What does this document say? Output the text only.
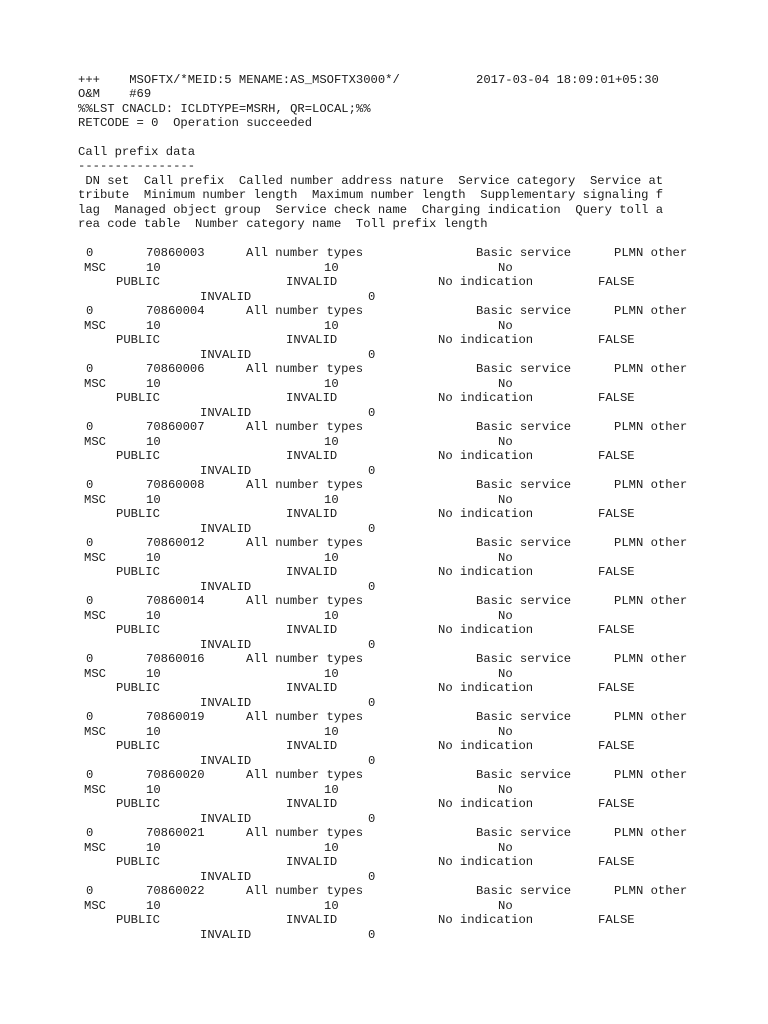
+++    MSOFTX/*MEID:5 MENAME:AS_MSOFTX3000*/	2017-03-04 18:09:01+05:30
O&M    #69
%%LST CNACLD: ICLDTYPE=MSRH, QR=LOCAL;%%
RETCODE = 0  Operation succeeded
Call prefix data
----------------
DN set  Call prefix  Called number address nature  Service category  Service at
tribute  Minimum number length  Maximum number length  Supplementary signaling f
lag  Managed object group  Service check name  Charging indication  Query toll a
rea code table  Number category name  Toll prefix length
0	70860003	All number types	Basic service	PLMN other
MSC	10	10	No
PUBLIC	INVALID	No indication	FALSE
INVALID	0
0	70860004	All number types	Basic service	PLMN other
MSC	10	10	No
PUBLIC	INVALID	No indication	FALSE
INVALID	0
0	70860006	All number types	Basic service	PLMN other
MSC	10	10	No
PUBLIC	INVALID	No indication	FALSE
INVALID	0
0	70860007	All number types	Basic service	PLMN other
MSC	10	10	No
PUBLIC	INVALID	No indication	FALSE
INVALID	0
0	70860008	All number types	Basic service	PLMN other
MSC	10	10	No
PUBLIC	INVALID	No indication	FALSE
INVALID	0
0	70860012	All number types	Basic service	PLMN other
MSC	10	10	No
PUBLIC	INVALID	No indication	FALSE
INVALID	0
0	70860014	All number types	Basic service	PLMN other
MSC	10	10	No
PUBLIC	INVALID	No indication	FALSE
INVALID	0
0	70860016	All number types	Basic service	PLMN other
MSC	10	10	No
PUBLIC	INVALID	No indication	FALSE
INVALID	0
0	70860019	All number types	Basic service	PLMN other
MSC	10	10	No
PUBLIC	INVALID	No indication	FALSE
INVALID	0
0	70860020	All number types	Basic service	PLMN other
MSC	10	10	No
PUBLIC	INVALID	No indication	FALSE
INVALID	0
0	70860021	All number types	Basic service	PLMN other
MSC	10	10	No
PUBLIC	INVALID	No indication	FALSE
INVALID	0
0	70860022	All number types	Basic service	PLMN other
MSC	10	10	No
PUBLIC	INVALID	No indication	FALSE
INVALID	0
